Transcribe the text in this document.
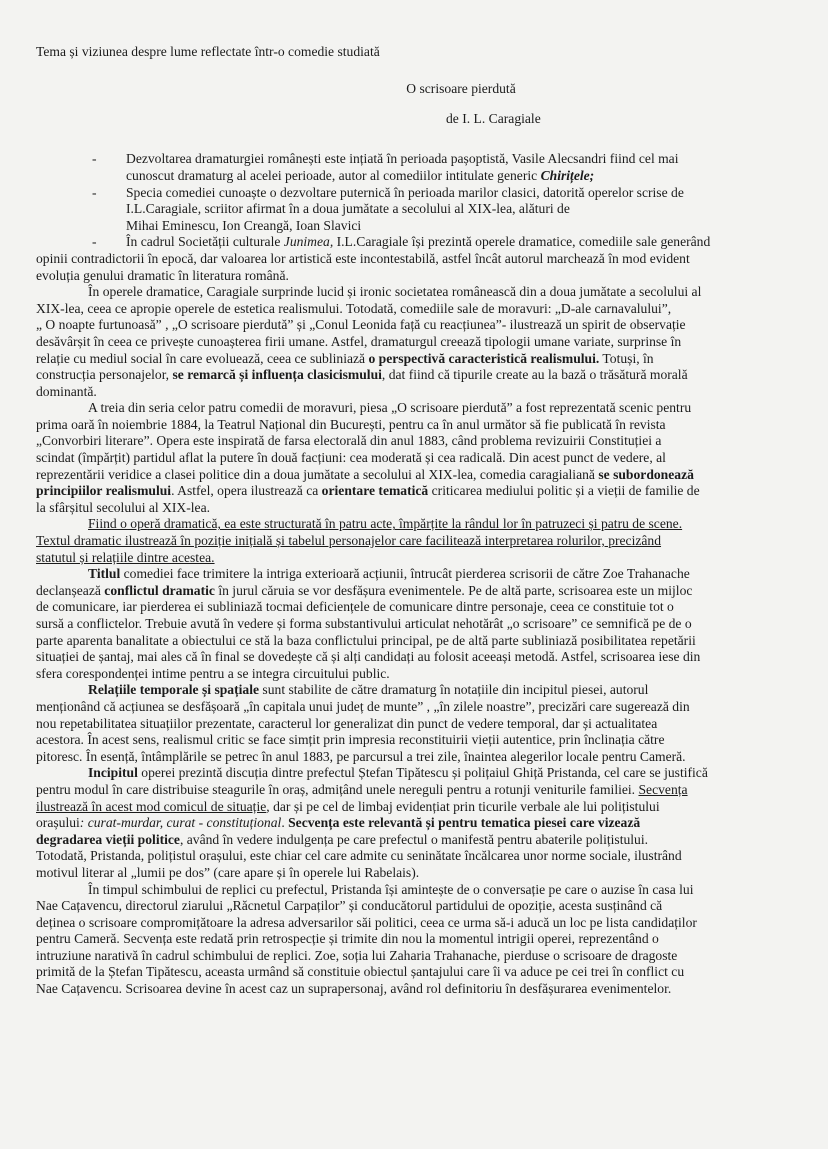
Tema și viziunea despre lume reflectate într-o comedie studiată

O scrisoare pierdută

de I. L. Caragiale

- Dezvoltarea dramaturgiei românești este ințiată în perioada pașoptistă, Vasile Alecsandri fiind cel mai
cunoscut dramaturg al acelei perioade, autor al comediilor intitulate generic Chirițele;
- Specia comediei cunoaște o dezvoltare puternică în perioada marilor clasici, datorită operelor scrise de
I.L.Caragiale, scriitor afirmat în a doua jumătate a secolului al XIX-lea, alături de
Mihai Eminescu, Ion Creangă, Ioan Slavici
- În cadrul Societății culturale Junimea, I.L.Caragiale își prezintă operele dramatice, comediile sale generând
opinii contradictorii în epocă, dar valoarea lor artistică este incontestabilă, astfel încât autorul marchează în mod evident
evoluția genului dramatic în literatura română.
În operele dramatice, Caragiale surprinde lucid și ironic societatea românească din a doua jumătate a secolului al
XIX-lea, ceea ce apropie operele de estetica realismului. Totodată, comediile sale de moravuri: „D-ale carnavalului”,
„ O noapte furtunoasă” , „O scrisoare pierdută” și „Conul Leonida față cu reacțiunea”- ilustrează un spirit de observație
desăvârșit în ceea ce privește cunoașterea firii umane. Astfel, dramaturgul creează tipologii umane variate, surprinse în
relație cu mediul social în care evoluează, ceea ce subliniază o perspectivă caracteristică realismului. Totuși, în
construcția personajelor, se remarcă și influența clasicismului, dat fiind că tipurile create au la bază o trăsătură morală
dominantă.
A treia din seria celor patru comedii de moravuri, piesa „O scrisoare pierdută” a fost reprezentată scenic pentru
prima oară în noiembrie 1884, la Teatrul Național din București, pentru ca în anul următor să fie publicată în revista
„Convorbiri literare”. Opera este inspirată de farsa electorală din anul 1883, când problema revizuirii Constituției a
scindat (împărțit) partidul aflat la putere în două facțiuni: cea moderată și cea radicală. Din acest punct de vedere, al
reprezentării veridice a clasei politice din a doua jumătate a secolului al XIX-lea, comedia caragialiană se subordonează
principiilor realismului. Astfel, opera ilustrează ca orientare tematică criticarea mediului politic și a vieții de familie de
la sfârșitul secolului al XIX-lea.
Fiind o operă dramatică, ea este structurată în patru acte, împărțite la rândul lor în patruzeci și patru de scene.
Textul dramatic ilustrează în poziție inițială și tabelul personajelor care facilitează interpretarea rolurilor, precizând
statutul și relațiile dintre acestea.
Titlul comediei face trimitere la intriga exterioară acțiunii, întrucât pierderea scrisorii de către Zoe Trahanache
declanșează conflictul dramatic în jurul căruia se vor desfășura evenimentele. Pe de altă parte, scrisoarea este un mijloc
de comunicare, iar pierderea ei subliniază tocmai deficiențele de comunicare dintre personaje, ceea ce constituie tot o
sursă a conflictelor. Trebuie avută în vedere și forma substantivului articulat nehotărât „o scrisoare” ce semnifică pe de o
parte aparenta banalitate a obiectului ce stă la baza conflictului principal, pe de altă parte subliniază posibilitatea repetării
situației de șantaj, mai ales că în final se dovedește că și alți candidați au folosit aceeași metodă. Astfel, scrisoarea iese din
sfera corespondenței intime pentru a se integra circuitului public.
Relațiile temporale și spațiale sunt stabilite de către dramaturg în notațiile din incipitul piesei, autorul
menționând că acțiunea se desfășoară „în capitala unui județ de munte” , „în zilele noastre”, precizări care sugerează din
nou repetabilitatea situațiilor prezentate, caracterul lor generalizat din punct de vedere temporal, dar și actualitatea
acestora. În acest sens, realismul critic se face simțit prin impresia reconstituirii vieții autentice, prin înclinația către
pitoresc. În esență, întâmplările se petrec în anul 1883, pe parcursul a trei zile, înaintea alegerilor locale pentru Cameră.
Incipitul operei prezintă discuția dintre prefectul Ștefan Tipătescu și polițaiul Ghiță Pristanda, cel care se justifică
pentru modul în care distribuise steagurile în oraș, admițând unele nereguli pentru a rotunji veniturile familiei. Secvența
ilustrează în acest mod comicul de situație, dar și pe cel de limbaj evidențiat prin ticurile verbale ale lui polițistului
orașului: curat-murdar, curat - constituțional. Secvența este relevantă și pentru tematica piesei care vizează
degradarea vieții politice, având în vedere indulgența pe care prefectul o manifestă pentru abaterile polițistului.
Totodată, Pristanda, polițistul orașului, este chiar cel care admite cu seninătate încălcarea unor norme sociale, ilustrând
motivul literar al „lumii pe dos” (care apare și în operele lui Rabelais).
În timpul schimbului de replici cu prefectul, Pristanda își amintește de o conversație pe care o auzise în casa lui
Nae Cațavencu, directorul ziarului „Răcnetul Carpaților” și conducătorul partidului de opoziție, acesta susținând că
deținea o scrisoare compromițătoare la adresa adversarilor săi politici, ceea ce urma să-i aducă un loc pe lista candidaților
pentru Cameră. Secvența este redată prin retrospecție și trimite din nou la momentul intrigii operei, reprezentând o
intruziune narativă în cadrul schimbului de replici. Zoe, soția lui Zaharia Trahanache, pierduse o scrisoare de dragoste
primită de la Ștefan Tipătescu, aceasta urmând să constituie obiectul șantajului care îi va aduce pe cei trei în conflict cu
Nae Cațavencu. Scrisoarea devine în acest caz un suprapersonaj, având rol definitoriu în desfășurarea evenimentelor.
